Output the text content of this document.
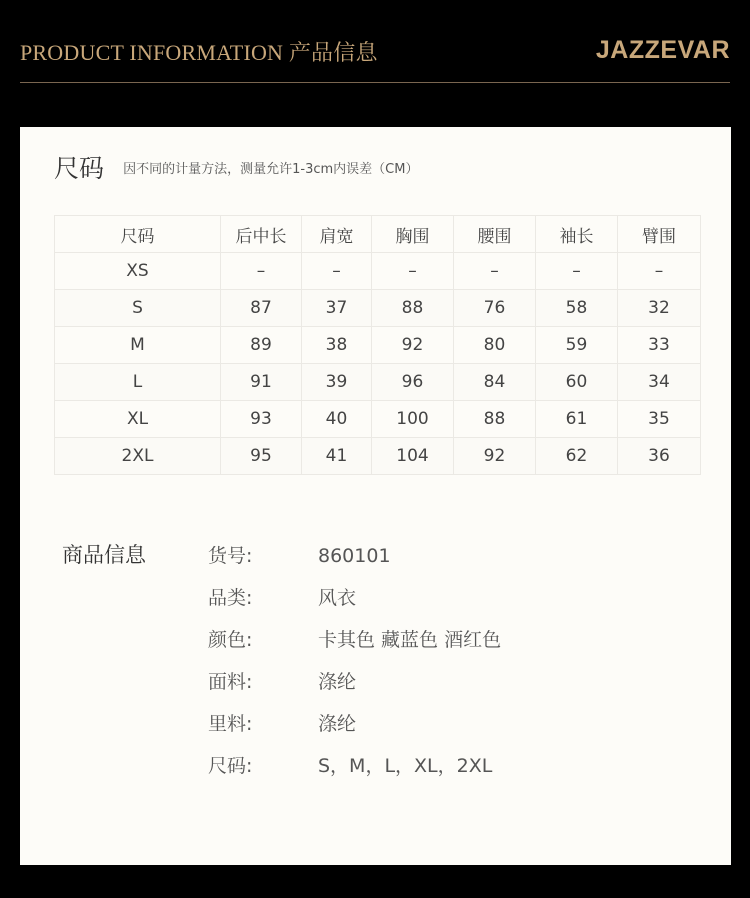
PRODUCT INFORMATION 产品信息	JAZZEVAR
尺码 因不同的计量方法，测量允许1-3cm内误差（CM）
尺码	后中长	肩宽	胸围	腰围	袖长	臂围
XS	–	–	–	–	–	–
S	87	37	88	76	58	32
M	89	38	92	80	59	33
L	91	39	96	84	60	34
XL	93	40	100	88	61	35
2XL	95	41	104	92	62	36
商品信息	货号:	860101
品类:	风衣
颜色:	卡其色 藏蓝色 酒红色
面料:	涤纶
里料:	涤纶
尺码:	S，M，L，XL，2XL
